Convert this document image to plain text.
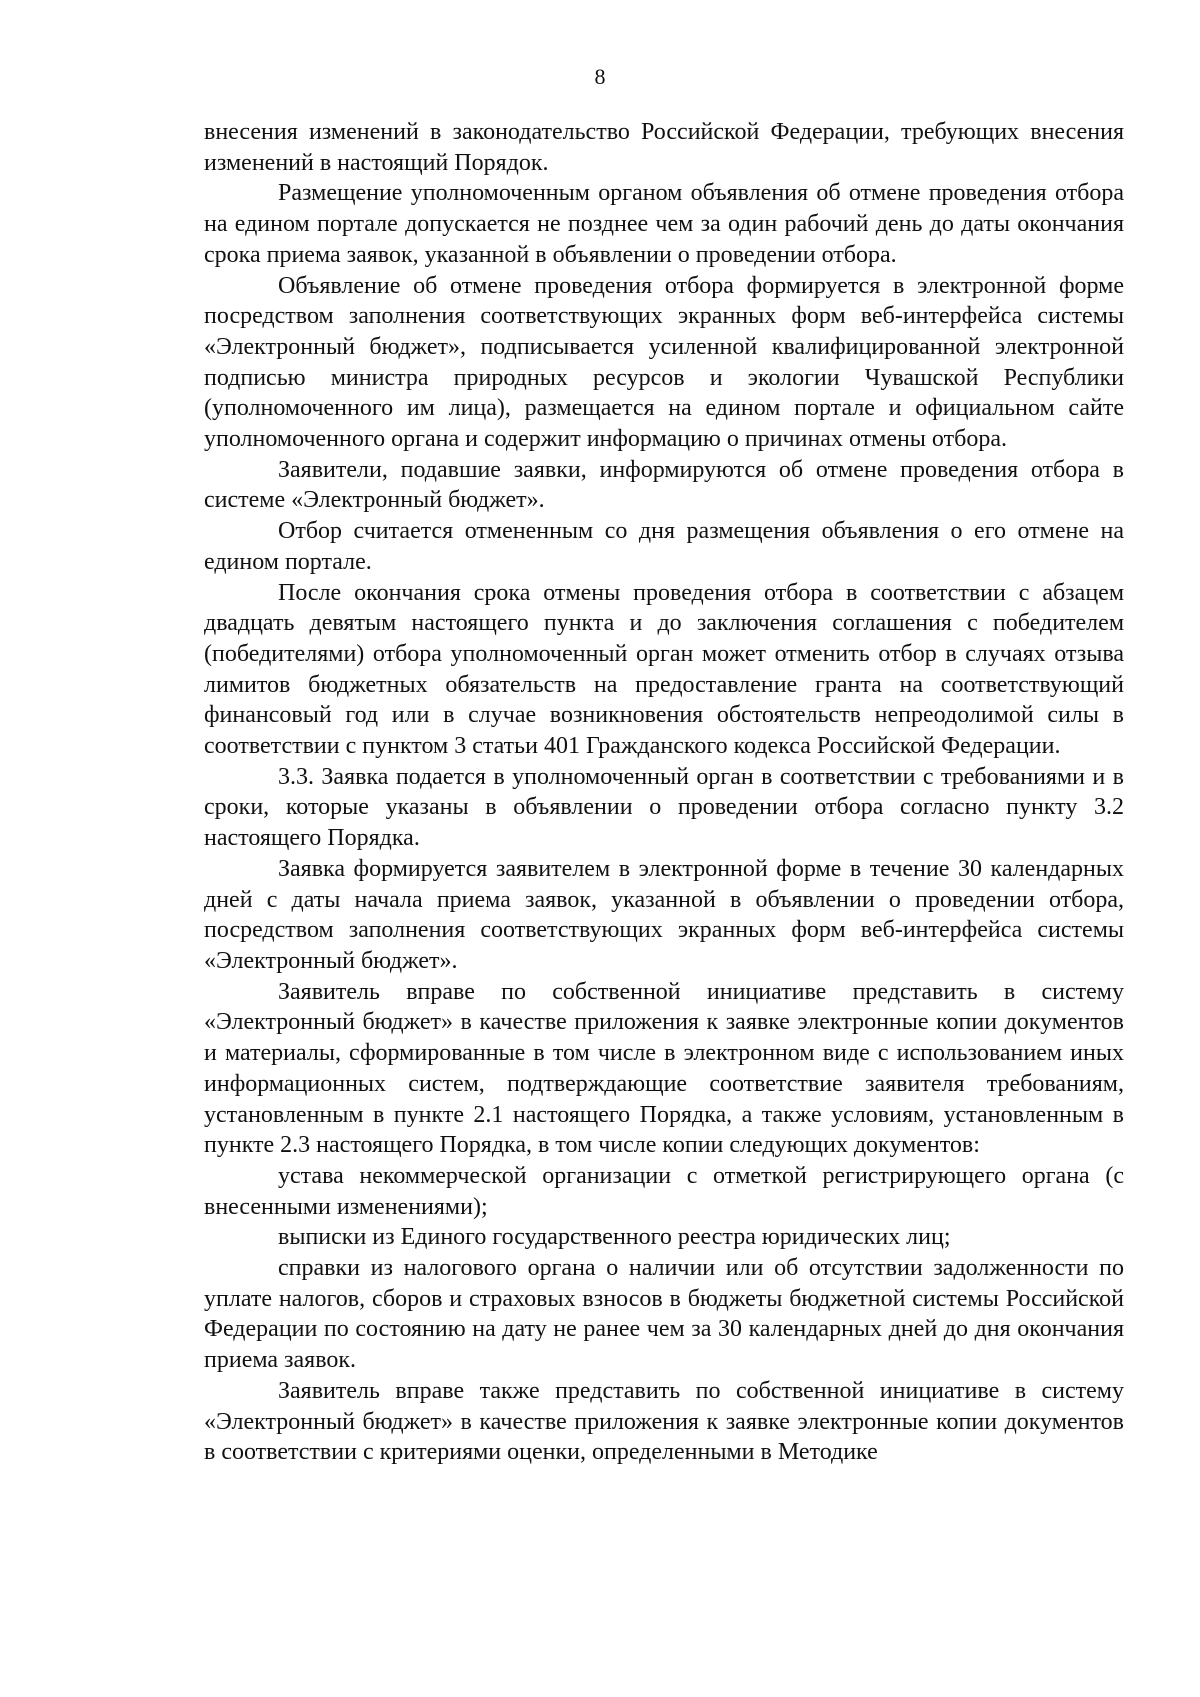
8

внесения изменений в законодательство Российской Федерации, требующих внесения изменений в настоящий Порядок.

Размещение уполномоченным органом объявления об отмене проведения отбора на едином портале допускается не позднее чем за один рабочий день до даты окончания срока приема заявок, указанной в объявлении о проведении отбора.

Объявление об отмене проведения отбора формируется в электронной форме посредством заполнения соответствующих экранных форм веб-интерфейса системы «Электронный бюджет», подписывается усиленной квалифицированной электронной подписью министра природных ресурсов и экологии Чувашской Республики (уполномоченного им лица), размещается на едином портале и официальном сайте уполномоченного органа и содержит информацию о причинах отмены отбора.

Заявители, подавшие заявки, информируются об отмене проведения отбора в системе «Электронный бюджет».

Отбор считается отмененным со дня размещения объявления о его отмене на едином портале.

После окончания срока отмены проведения отбора в соответствии с абзацем двадцать девятым настоящего пункта и до заключения соглашения с победителем (победителями) отбора уполномоченный орган может отменить отбор в случаях отзыва лимитов бюджетных обязательств на предоставление гранта на соответствующий финансовый год или в случае возникновения обстоятельств непреодолимой силы в соответствии с пунктом 3 статьи 401 Гражданского кодекса Российской Федерации.

3.3. Заявка подается в уполномоченный орган в соответствии с требованиями и в сроки, которые указаны в объявлении о проведении отбора согласно пункту 3.2 настоящего Порядка.

Заявка формируется заявителем в электронной форме в течение 30 календарных дней с даты начала приема заявок, указанной в объявлении о проведении отбора, посредством заполнения соответствующих экранных форм веб-интерфейса системы «Электронный бюджет».

Заявитель вправе по собственной инициативе представить в систему «Электронный бюджет» в качестве приложения к заявке электронные копии документов и материалы, сформированные в том числе в электронном виде с использованием иных информационных систем, подтверждающие соответствие заявителя требованиям, установленным в пункте 2.1 настоящего Порядка, а также условиям, установленным в пункте 2.3 настоящего Порядка, в том числе копии следующих документов:

устава некоммерческой организации с отметкой регистрирующего органа (с внесенными изменениями);

выписки из Единого государственного реестра юридических лиц;

справки из налогового органа о наличии или об отсутствии задолженности по уплате налогов, сборов и страховых взносов в бюджеты бюджетной системы Российской Федерации по состоянию на дату не ранее чем за 30 календарных дней до дня окончания приема заявок.

Заявитель вправе также представить по собственной инициативе в систему «Электронный бюджет» в качестве приложения к заявке электронные копии документов в соответствии с критериями оценки, определенными в Методике
